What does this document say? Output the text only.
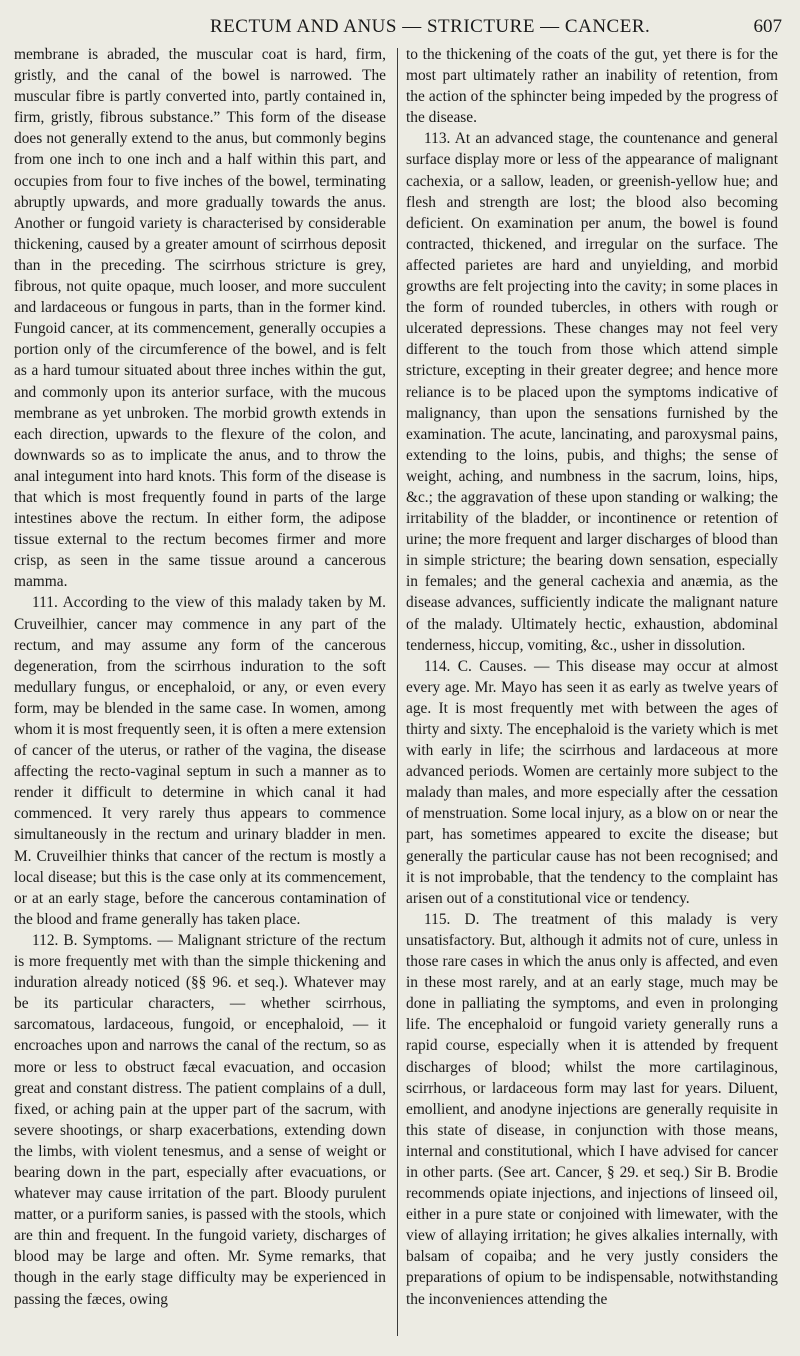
RECTUM AND ANUS — STRICTURE — CANCER.	607

membrane is abraded, the muscular coat is hard, firm, gristly, and the canal of the bowel is narrowed. The muscular fibre is partly converted into, partly contained in, firm, gristly, fibrous substance.” This form of the disease does not generally extend to the anus, but commonly begins from one inch to one inch and a half within this part, and occupies from four to five inches of the bowel, terminating abruptly upwards, and more gradually towards the anus. Another or fungoid variety is characterised by considerable thickening, caused by a greater amount of scirrhous deposit than in the preceding. The scirrhous stricture is grey, fibrous, not quite opaque, much looser, and more succulent and lardaceous or fungous in parts, than in the former kind. Fungoid cancer, at its commencement, generally occupies a portion only of the circumference of the bowel, and is felt as a hard tumour situated about three inches within the gut, and commonly upon its anterior surface, with the mucous membrane as yet unbroken. The morbid growth extends in each direction, upwards to the flexure of the colon, and downwards so as to implicate the anus, and to throw the anal integument into hard knots. This form of the disease is that which is most frequently found in parts of the large intestines above the rectum. In either form, the adipose tissue external to the rectum becomes firmer and more crisp, as seen in the same tissue around a cancerous mamma.

111. According to the view of this malady taken by M. Cruveilhier, cancer may commence in any part of the rectum, and may assume any form of the cancerous degeneration, from the scirrhous induration to the soft medullary fungus, or encephaloid, or any, or even every form, may be blended in the same case. In women, among whom it is most frequently seen, it is often a mere extension of cancer of the uterus, or rather of the vagina, the disease affecting the recto-vaginal septum in such a manner as to render it difficult to determine in which canal it had commenced. It very rarely thus appears to commence simultaneously in the rectum and urinary bladder in men. M. Cruveilhier thinks that cancer of the rectum is mostly a local disease; but this is the case only at its commencement, or at an early stage, before the cancerous contamination of the blood and frame generally has taken place.

112. B. Symptoms. — Malignant stricture of the rectum is more frequently met with than the simple thickening and induration already noticed (§§ 96. et seq.). Whatever may be its particular characters, — whether scirrhous, sarcomatous, lardaceous, fungoid, or encephaloid, — it encroaches upon and narrows the canal of the rectum, so as more or less to obstruct fæcal evacuation, and occasion great and constant distress. The patient complains of a dull, fixed, or aching pain at the upper part of the sacrum, with severe shootings, or sharp exacerbations, extending down the limbs, with violent tenesmus, and a sense of weight or bearing down in the part, especially after evacuations, or whatever may cause irritation of the part. Bloody purulent matter, or a puriform sanies, is passed with the stools, which are thin and frequent. In the fungoid variety, discharges of blood may be large and often. Mr. Syme remarks, that though in the early stage difficulty may be experienced in passing the fæces, owing

to the thickening of the coats of the gut, yet there is for the most part ultimately rather an inability of retention, from the action of the sphincter being impeded by the progress of the disease.

113. At an advanced stage, the countenance and general surface display more or less of the appearance of malignant cachexia, or a sallow, leaden, or greenish-yellow hue; and flesh and strength are lost; the blood also becoming deficient. On examination per anum, the bowel is found contracted, thickened, and irregular on the surface. The affected parietes are hard and unyielding, and morbid growths are felt projecting into the cavity; in some places in the form of rounded tubercles, in others with rough or ulcerated depressions. These changes may not feel very different to the touch from those which attend simple stricture, excepting in their greater degree; and hence more reliance is to be placed upon the symptoms indicative of malignancy, than upon the sensations furnished by the examination. The acute, lancinating, and paroxysmal pains, extending to the loins, pubis, and thighs; the sense of weight, aching, and numbness in the sacrum, loins, hips, &c.; the aggravation of these upon standing or walking; the irritability of the bladder, or incontinence or retention of urine; the more frequent and larger discharges of blood than in simple stricture; the bearing down sensation, especially in females; and the general cachexia and anæmia, as the disease advances, sufficiently indicate the malignant nature of the malady. Ultimately hectic, exhaustion, abdominal tenderness, hiccup, vomiting, &c., usher in dissolution.

114. C. Causes. — This disease may occur at almost every age. Mr. Mayo has seen it as early as twelve years of age. It is most frequently met with between the ages of thirty and sixty. The encephaloid is the variety which is met with early in life; the scirrhous and lardaceous at more advanced periods. Women are certainly more subject to the malady than males, and more especially after the cessation of menstruation. Some local injury, as a blow on or near the part, has sometimes appeared to excite the disease; but generally the particular cause has not been recognised; and it is not improbable, that the tendency to the complaint has arisen out of a constitutional vice or tendency.

115. D. The treatment of this malady is very unsatisfactory. But, although it admits not of cure, unless in those rare cases in which the anus only is affected, and even in these most rarely, and at an early stage, much may be done in palliating the symptoms, and even in prolonging life. The encephaloid or fungoid variety generally runs a rapid course, especially when it is attended by frequent discharges of blood; whilst the more cartilaginous, scirrhous, or lardaceous form may last for years. Diluent, emollient, and anodyne injections are generally requisite in this state of disease, in conjunction with those means, internal and constitutional, which I have advised for cancer in other parts. (See art. Cancer, § 29. et seq.) Sir B. Brodie recommends opiate injections, and injections of linseed oil, either in a pure state or conjoined with limewater, with the view of allaying irritation; he gives alkalies internally, with balsam of copaiba; and he very justly considers the preparations of opium to be indispensable, notwithstanding the inconveniences attending the
